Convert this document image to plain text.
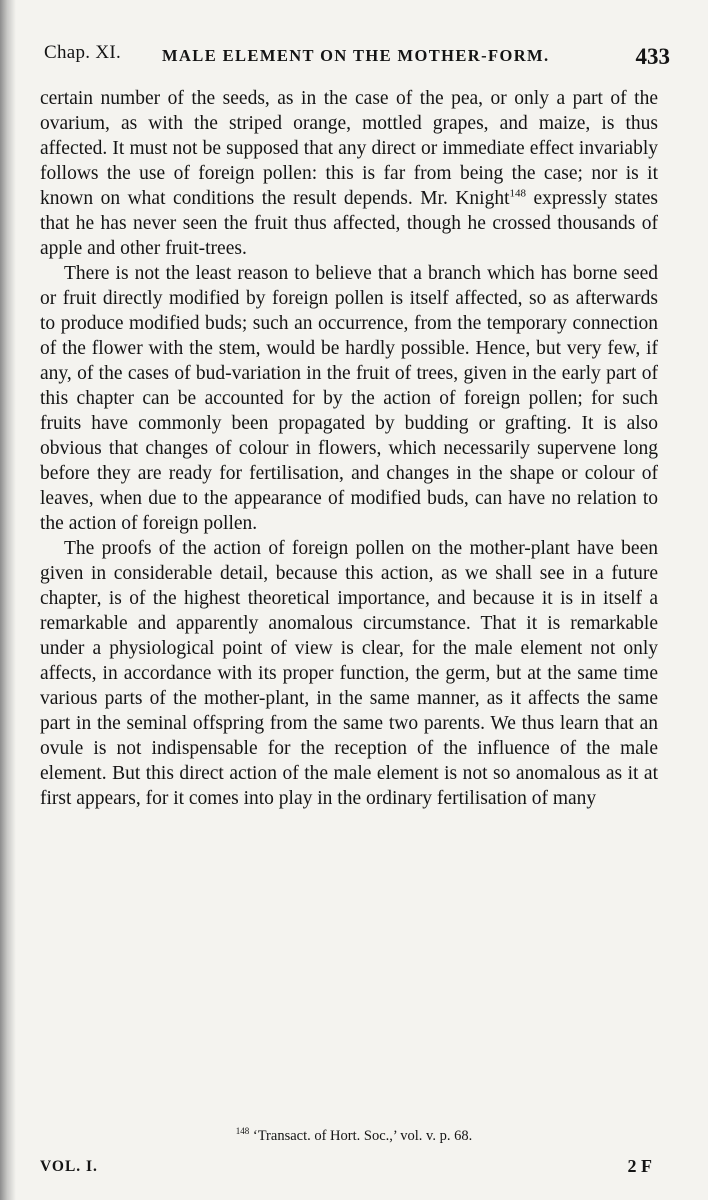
Chap. XI. MALE ELEMENT ON THE MOTHER-FORM.	433

certain number of the seeds, as in the case of the pea, or only a part of the ovarium, as with the striped orange, mottled grapes, and maize, is thus affected. It must not be supposed that any direct or immediate effect invariably follows the use of foreign pollen: this is far from being the case; nor is it known on what conditions the result depends. Mr. Knight$^{148}$ expressly states that he has never seen the fruit thus affected, though he crossed thousands of apple and other fruit-trees.

There is not the least reason to believe that a branch which has borne seed or fruit directly modified by foreign pollen is itself affected, so as afterwards to produce modified buds; such an occurrence, from the temporary connection of the flower with the stem, would be hardly possible. Hence, but very few, if any, of the cases of bud-variation in the fruit of trees, given in the early part of this chapter can be accounted for by the action of foreign pollen; for such fruits have commonly been propagated by budding or grafting. It is also obvious that changes of colour in flowers, which necessarily supervene long before they are ready for fertilisation, and changes in the shape or colour of leaves, when due to the appearance of modified buds, can have no relation to the action of foreign pollen.

The proofs of the action of foreign pollen on the mother-plant have been given in considerable detail, because this action, as we shall see in a future chapter, is of the highest theoretical importance, and because it is in itself a remarkable and apparently anomalous circumstance. That it is remarkable under a physiological point of view is clear, for the male element not only affects, in accordance with its proper function, the germ, but at the same time various parts of the mother-plant, in the same manner, as it affects the same part in the seminal offspring from the same two parents. We thus learn that an ovule is not indispensable for the reception of the influence of the male element. But this direct action of the male element is not so anomalous as it at first appears, for it comes into play in the ordinary fertilisation of many

$^{148}$ ‘Transact. of Hort. Soc.,’ vol. v. p. 68.
VOL. I.	2 F
